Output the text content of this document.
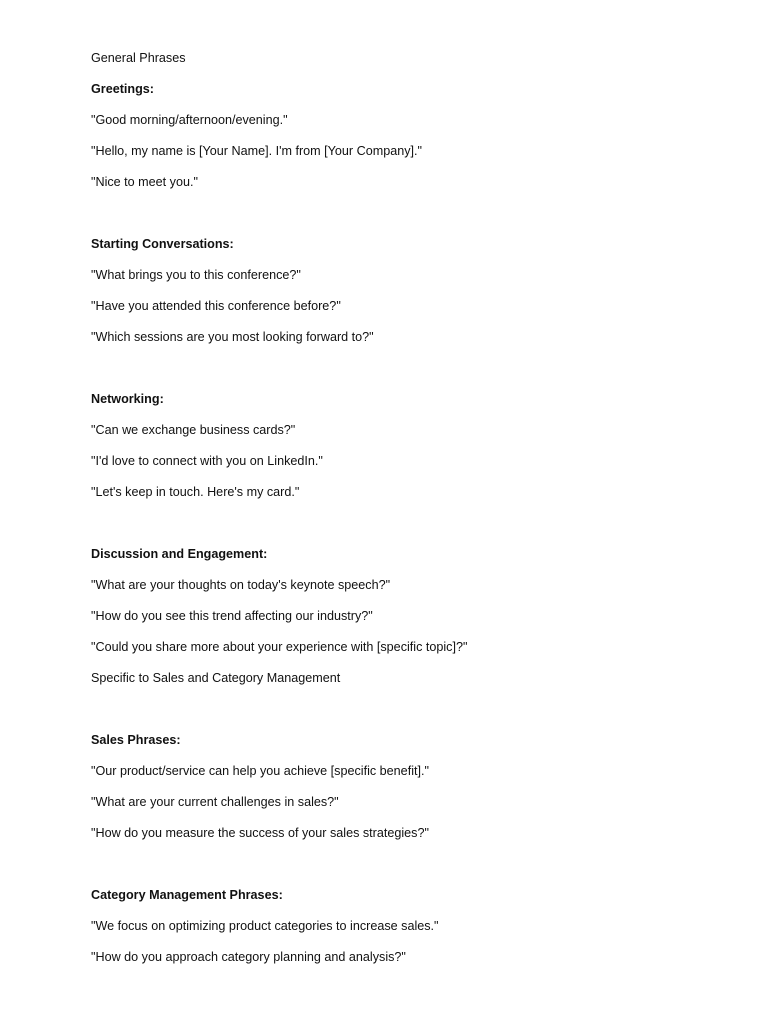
General Phrases
Greetings:
"Good morning/afternoon/evening."
"Hello, my name is [Your Name]. I'm from [Your Company]."
"Nice to meet you."
Starting Conversations:
"What brings you to this conference?"
"Have you attended this conference before?"
"Which sessions are you most looking forward to?"
Networking:
"Can we exchange business cards?"
"I'd love to connect with you on LinkedIn."
"Let's keep in touch. Here's my card."
Discussion and Engagement:
"What are your thoughts on today's keynote speech?"
"How do you see this trend affecting our industry?"
"Could you share more about your experience with [specific topic]?"
Specific to Sales and Category Management
Sales Phrases:
"Our product/service can help you achieve [specific benefit]."
"What are your current challenges in sales?"
"How do you measure the success of your sales strategies?"
Category Management Phrases:
"We focus on optimizing product categories to increase sales."
"How do you approach category planning and analysis?"
